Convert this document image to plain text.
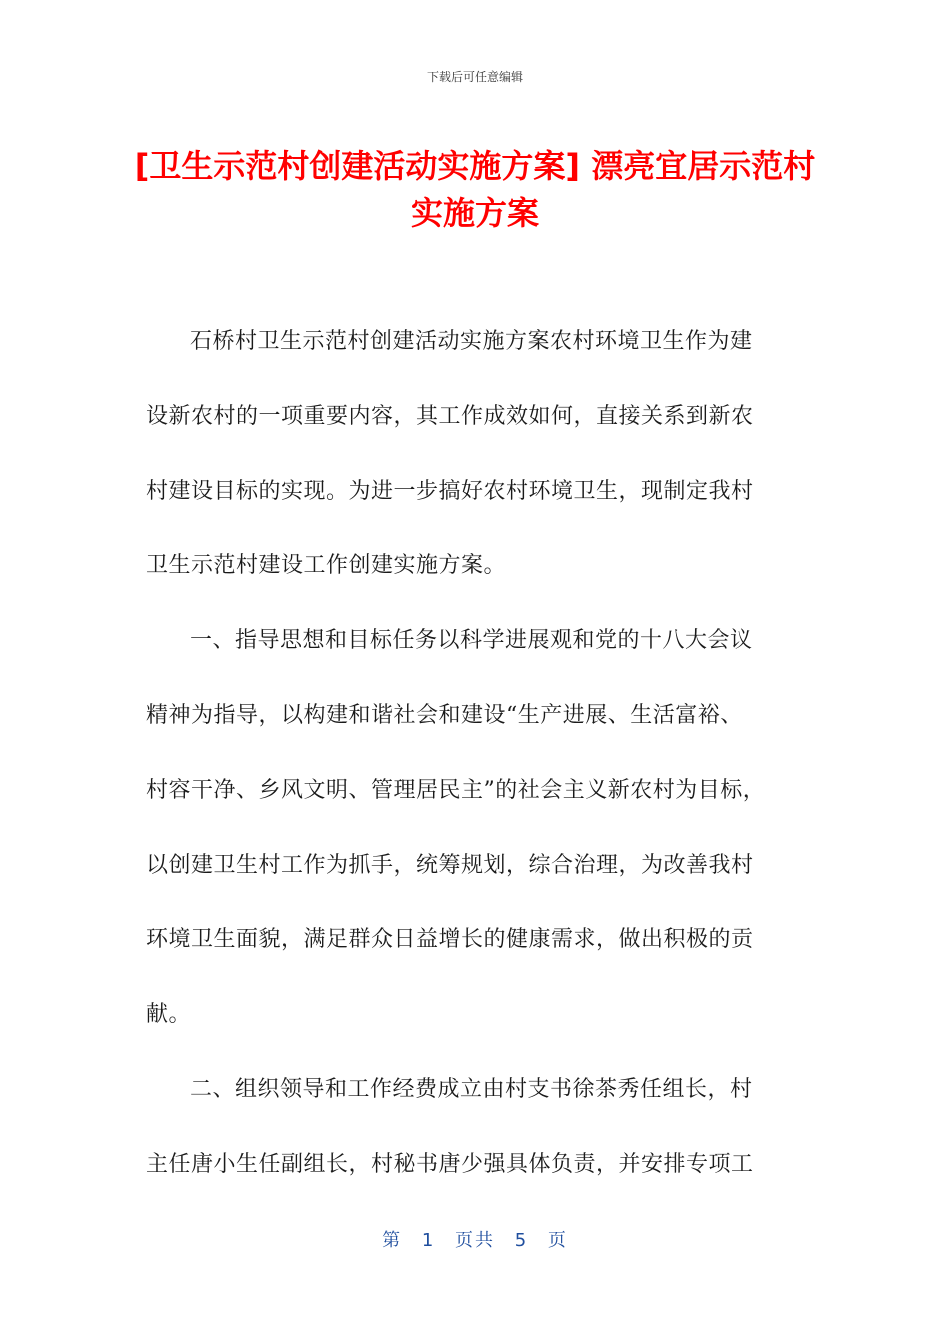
下载后可任意编辑
[卫生示范村创建活动实施方案] 漂亮宜居示范村实施方案

石桥村卫生示范村创建活动实施方案农村环境卫生作为建
设新农村的一项重要内容，其工作成效如何，直接关系到新农
村建设目标的实现。为进一步搞好农村环境卫生，现制定我村
卫生示范村建设工作创建实施方案。

一、指导思想和目标任务以科学进展观和党的十八大会议
精神为指导，以构建和谐社会和建设“生产进展、生活富裕、
村容干净、乡风文明、管理居民主”的社会主义新农村为目标，
以创建卫生村工作为抓手，统筹规划，综合治理，为改善我村
环境卫生面貌，满足群众日益增长的健康需求，做出积极的贡
献。

二、组织领导和工作经费成立由村支书徐茶秀任组长，村
主任唐小生任副组长，村秘书唐少强具体负责，并安排专项工

第 1 页共 5 页
